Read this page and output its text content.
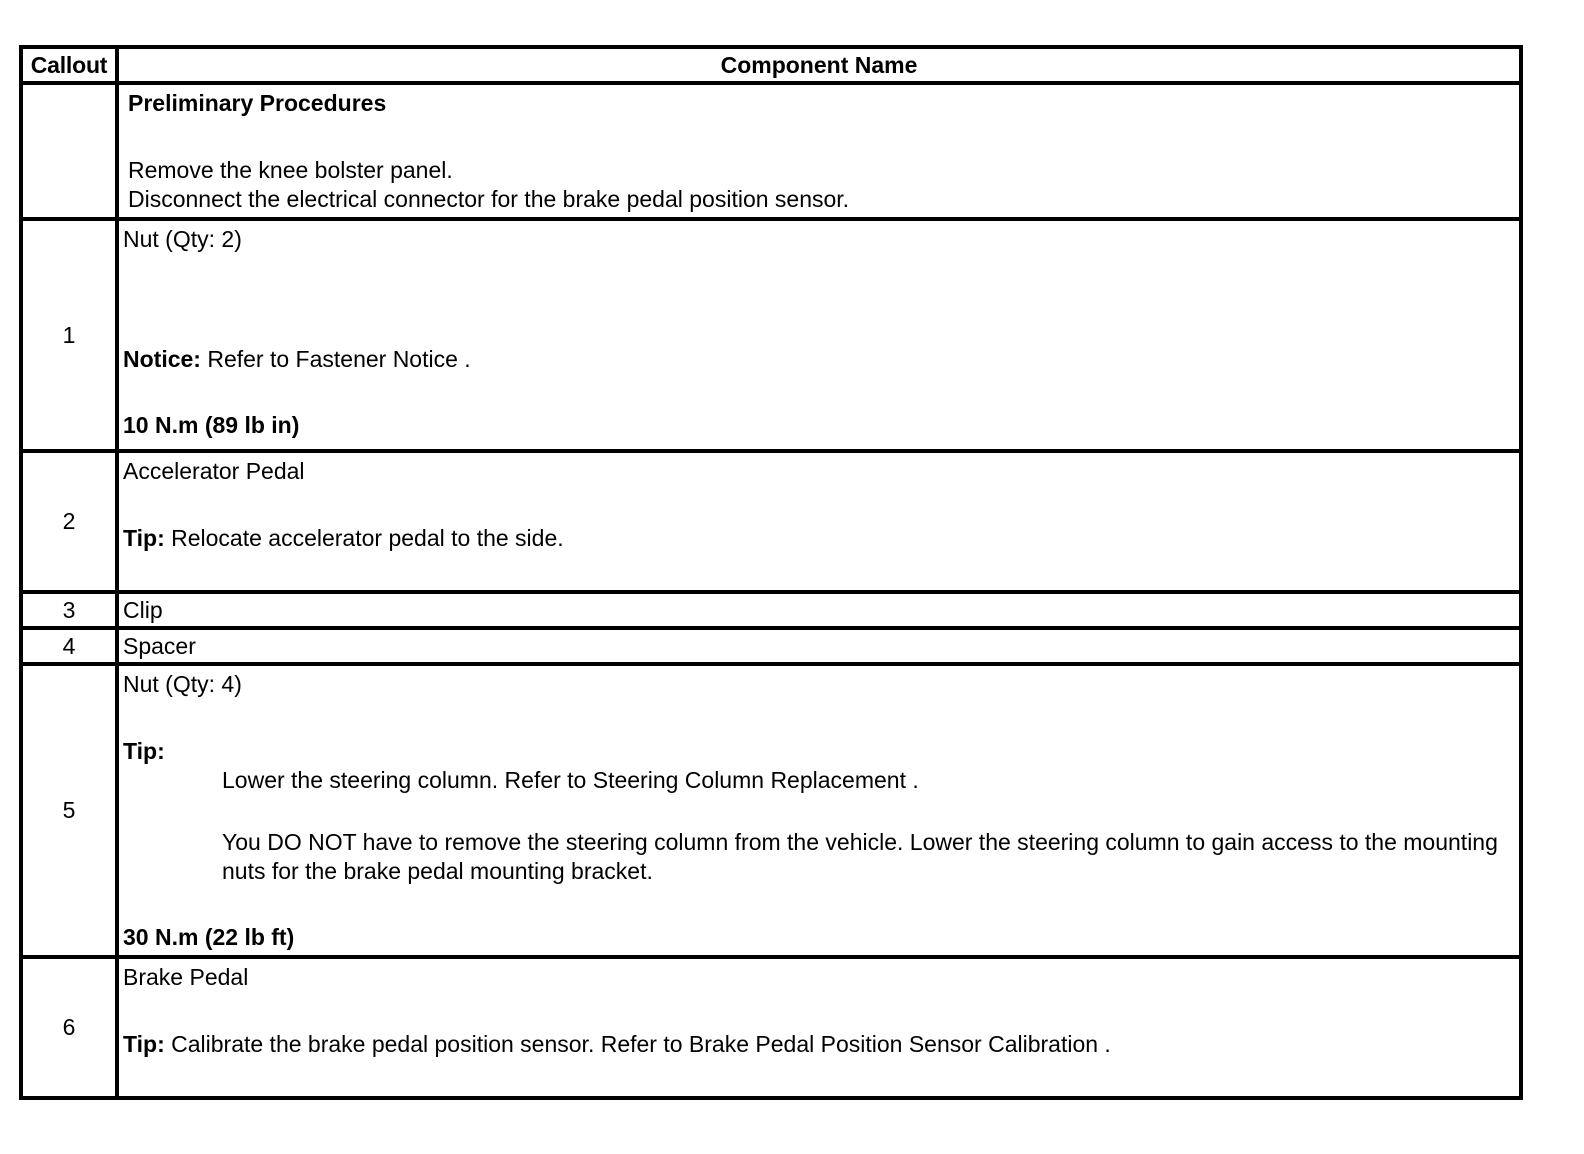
Callout	Component Name

	Preliminary Procedures
Remove the knee bolster panel.
Disconnect the electrical connector for the brake pedal position sensor.

1	Nut (Qty: 2)
Notice: Refer to Fastener Notice .
10 N.m (89 lb in)

2	Accelerator Pedal
Tip: Relocate accelerator pedal to the side.

3	Clip

4	Spacer

5	Nut (Qty: 4)
Tip:
Lower the steering column. Refer to Steering Column Replacement .
You DO NOT have to remove the steering column from the vehicle. Lower the steering column to gain access to the mounting nuts for the brake pedal mounting bracket.
30 N.m (22 lb ft)

6	Brake Pedal
Tip: Calibrate the brake pedal position sensor. Refer to Brake Pedal Position Sensor Calibration .
